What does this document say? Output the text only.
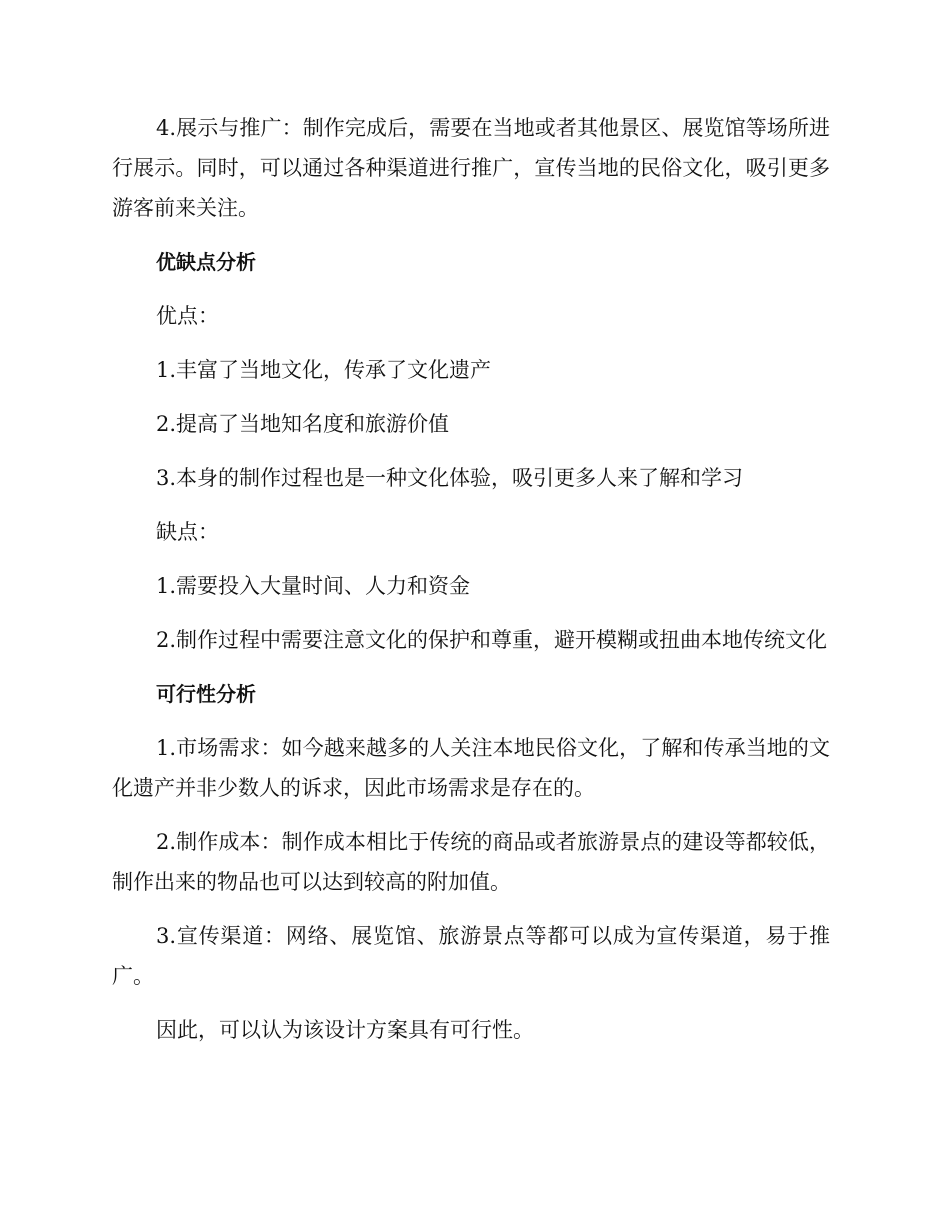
4.展示与推广：制作完成后，需要在当地或者其他景区、展览馆等场所进行展示。同时，可以通过各种渠道进行推广，宣传当地的民俗文化，吸引更多游客前来关注。

优缺点分析

优点：

1.丰富了当地文化，传承了文化遗产

2.提高了当地知名度和旅游价值

3.本身的制作过程也是一种文化体验，吸引更多人来了解和学习

缺点：

1.需要投入大量时间、人力和资金

2.制作过程中需要注意文化的保护和尊重，避开模糊或扭曲本地传统文化

可行性分析

1.市场需求：如今越来越多的人关注本地民俗文化，了解和传承当地的文化遗产并非少数人的诉求，因此市场需求是存在的。

2.制作成本：制作成本相比于传统的商品或者旅游景点的建设等都较低，制作出来的物品也可以达到较高的附加值。

3.宣传渠道：网络、展览馆、旅游景点等都可以成为宣传渠道，易于推广。

因此，可以认为该设计方案具有可行性。
